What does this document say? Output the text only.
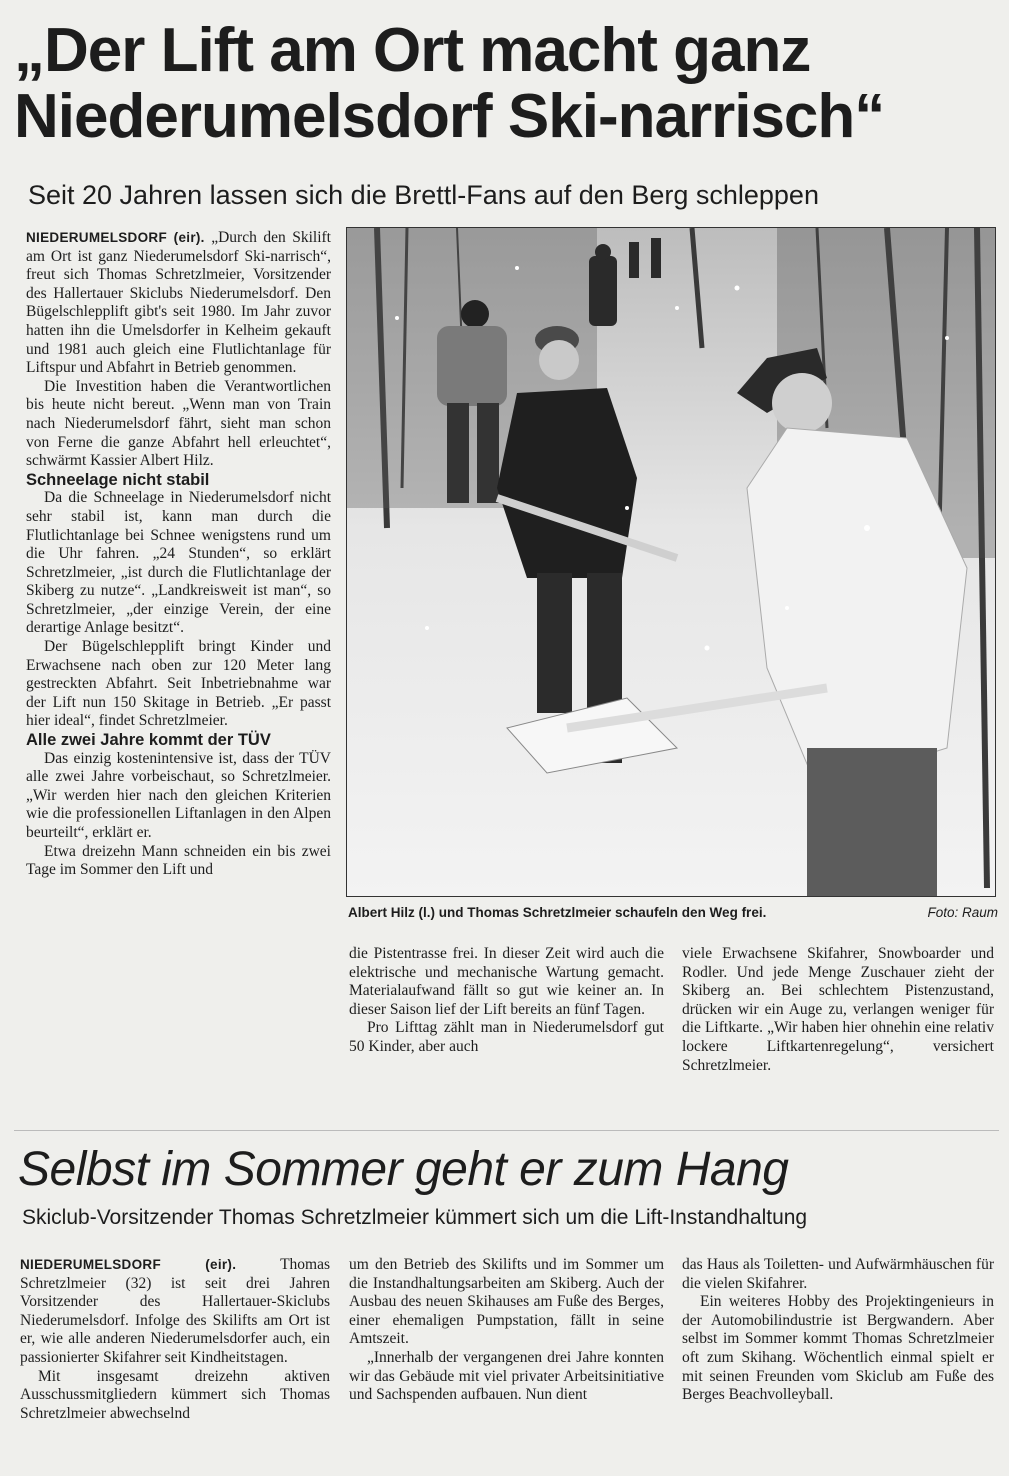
„Der Lift am Ort macht ganz Niederumelsdorf Ski-narrisch“
Seit 20 Jahren lassen sich die Brettl-Fans auf den Berg schleppen

NIEDERUMELSDORF (eir). „Durch den Skilift am Ort ist ganz Niederumelsdorf Ski-narrisch“, freut sich Thomas Schretzlmeier, Vorsitzender des Hallertauer Skiclubs Niederumelsdorf. Den Bügelschlepplift gibt's seit 1980. Im Jahr zuvor hatten ihn die Umelsdorfer in Kelheim gekauft und 1981 auch gleich eine Flutlichtanlage für Liftspur und Abfahrt in Betrieb genommen.

Die Investition haben die Verantwortlichen bis heute nicht bereut. „Wenn man von Train nach Niederumelsdorf fährt, sieht man schon von Ferne die ganze Abfahrt hell erleuchtet“, schwärmt Kassier Albert Hilz.

Schneelage nicht stabil

Da die Schneelage in Niederumelsdorf nicht sehr stabil ist, kann man durch die Flutlichtanlage bei Schnee wenigstens rund um die Uhr fahren. „24 Stunden“, so erklärt Schretzlmeier, „ist durch die Flutlichtanlage der Skiberg zu nutze“. „Landkreisweit ist man“, so Schretzlmeier, „der einzige Verein, der eine derartige Anlage besitzt“.

Der Bügelschlepplift bringt Kinder und Erwachsene nach oben zur 120 Meter lang gestreckten Abfahrt. Seit Inbetriebnahme war der Lift nun 150 Skitage in Betrieb. „Er passt hier ideal“, findet Schretzlmeier.

Alle zwei Jahre kommt der TÜV

Das einzig kostenintensive ist, dass der TÜV alle zwei Jahre vorbeischaut, so Schretzlmeier. „Wir werden hier nach den gleichen Kriterien wie die professionellen Liftanlagen in den Alpen beurteilt“, erklärt er.

Etwa dreizehn Mann schneiden ein bis zwei Tage im Sommer den Lift und

Albert Hilz (l.) und Thomas Schretzlmeier schaufeln den Weg frei.	Foto: Raum

die Pistentrasse frei. In dieser Zeit wird auch die elektrische und mechanische Wartung gemacht. Materialaufwand fällt so gut wie keiner an. In dieser Saison lief der Lift bereits an fünf Tagen.

Pro Lifttag zählt man in Niederumelsdorf gut 50 Kinder, aber auch

viele Erwachsene Skifahrer, Snowboarder und Rodler. Und jede Menge Zuschauer zieht der Skiberg an. Bei schlechtem Pistenzustand, drücken wir ein Auge zu, verlangen weniger für die Liftkarte. „Wir haben hier ohnehin eine relativ lockere Liftkartenregelung“, versichert Schretzlmeier.

Selbst im Sommer geht er zum Hang
Skiclub-Vorsitzender Thomas Schretzlmeier kümmert sich um die Lift-Instandhaltung

NIEDERUMELSDORF (eir).	Thomas Schretzlmeier (32) ist seit drei Jahren Vorsitzender des Hallertauer-Skiclubs Niederumelsdorf. Infolge des Skilifts am Ort ist er, wie alle anderen Niederumelsdorfer auch, ein passionierter Skifahrer seit Kindheitstagen.

Mit insgesamt dreizehn aktiven Ausschussmitgliedern kümmert sich Thomas Schretzlmeier abwechselnd

um den Betrieb des Skilifts und im Sommer um die Instandhaltungsarbeiten am Skiberg. Auch der Ausbau des neuen Skihauses am Fuße des Berges, einer ehemaligen Pumpstation, fällt in seine Amtszeit.

„Innerhalb der vergangenen drei Jahre konnten wir das Gebäude mit viel privater Arbeitsinitiative und Sachspenden aufbauen. Nun dient

das Haus als Toiletten- und Aufwärmhäuschen für die vielen Skifahrer.

Ein weiteres Hobby des Projektingenieurs in der Automobilindustrie ist Bergwandern. Aber selbst im Sommer kommt Thomas Schretzlmeier oft zum Skihang. Wöchentlich einmal spielt er mit seinen Freunden vom Skiclub am Fuße des Berges Beachvolleyball.
